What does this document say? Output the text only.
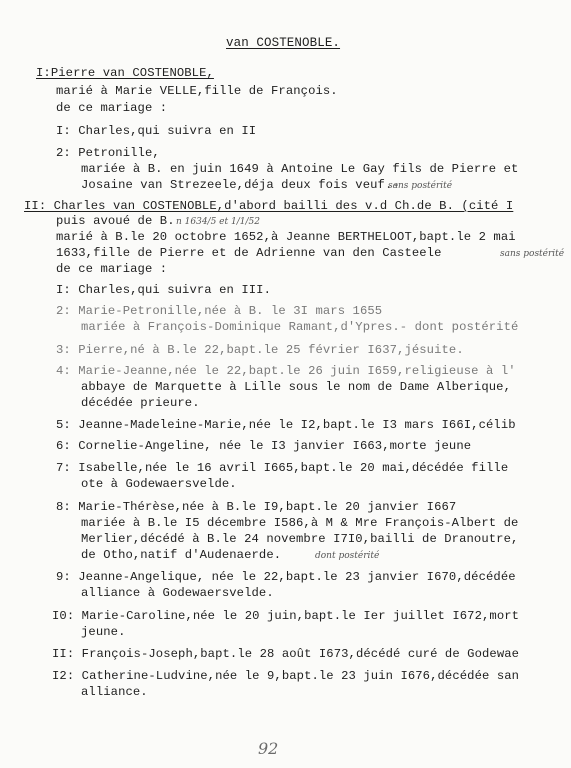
van COSTENOBLE.
I:Pierre van COSTENOBLE,
marié à Marie VELLE,fille de François.
de ce mariage :
I: Charles,qui suivra en II
2: Petronille,
mariée à B. en juin 1649 à Antoine Le Gay fils de Pierre et
Josaine van Strezeele,déja deux fois veuf.-
II: Charles van COSTENOBLE,d'abord bailli des v.d Ch.de B. (cité I
puis avoué de B.
marié à B.le 20 octobre 1652,à Jeanne BERTHELOOT,bapt.le 2 mai
1633,fille de Pierre et de Adrienne van den Casteele
de ce mariage :
I: Charles,qui suivra en III.
2: Marie-Petronille,née à B. le 3I mars 1655
mariée à François-Dominique Ramant,d'Ypres.- dont postérité
3: Pierre,né à B.le 22,bapt.le 25 février I637,jésuite.
4: Marie-Jeanne,née le 22,bapt.le 26 juin I659,religieuse à l'
abbaye de Marquette à Lille sous le nom de Dame Alberique,
décédée prieure.
5: Jeanne-Madeleine-Marie,née le I2,bapt.le I3 mars I66I,célib
6: Cornelie-Angeline, née le I3 janvier I663,morte jeune
7: Isabelle,née le 16 avril I665,bapt.le 20 mai,décédée fille
ote à Godewaersvelde.
8: Marie-Thérèse,née à B.le I9,bapt.le 20 janvier I667
mariée à B.le I5 décembre I586,à M & Mre François-Albert de
Merlier,décédé à B.le 24 novembre I7I0,bailli de Dranoutre,
de Otho,natif d'Audenaerde.
9: Jeanne-Angelique, née le 22,bapt.le 23 janvier I670,décédée
alliance à Godewaersvelde.
I0: Marie-Caroline,née le 20 juin,bapt.le Ier juillet I672,mort
jeune.
II: François-Joseph,bapt.le 28 août I673,décédé curé de Godewae
I2: Catherine-Ludvine,née le 9,bapt.le 23 juin I676,décédée san
alliance.
sans postérité
n 1634/5 et 1/1/52
sans postérité
dont postérité
92
